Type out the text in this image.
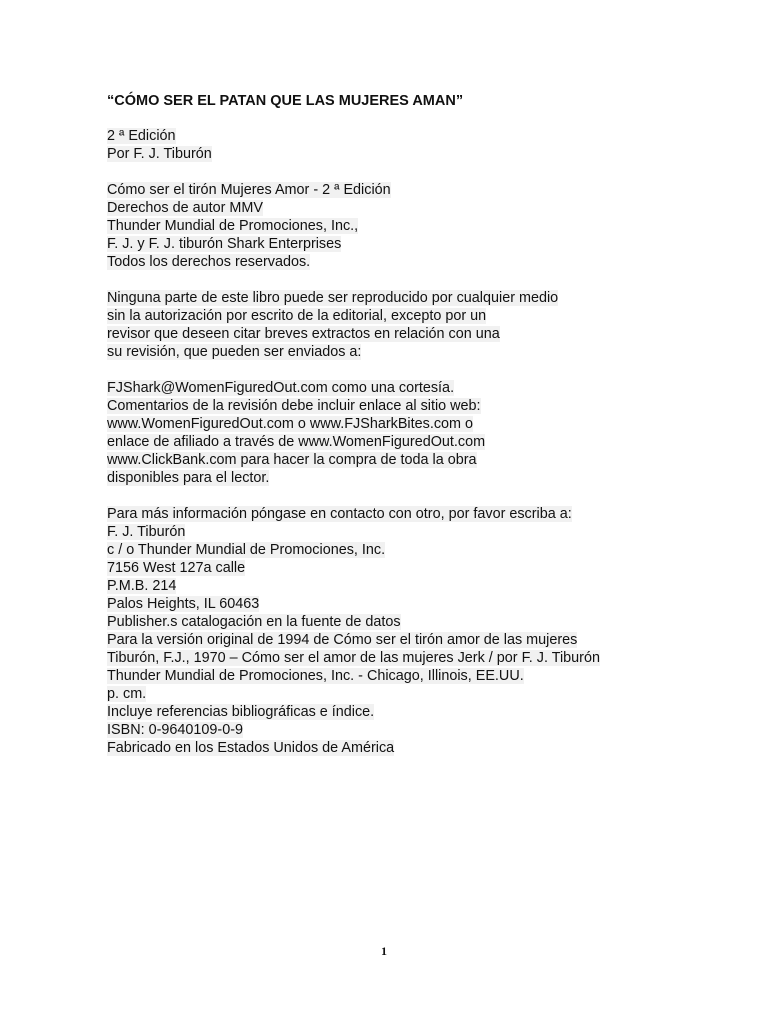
“CÓMO SER EL PATAN QUE LAS MUJERES AMAN”
2 ª Edición
Por F. J. Tiburón
Cómo ser el tirón Mujeres Amor - 2 ª Edición
Derechos de autor MMV
Thunder Mundial de Promociones, Inc.,
F. J. y F. J. tiburón Shark Enterprises
Todos los derechos reservados.
Ninguna parte de este libro puede ser reproducido por cualquier medio
sin la autorización por escrito de la editorial, excepto por un
revisor que deseen citar breves extractos en relación con una
su revisión, que pueden ser enviados a:
FJShark@WomenFiguredOut.com como una cortesía.
Comentarios de la revisión debe incluir enlace al sitio web:
www.WomenFiguredOut.com o www.FJSharkBites.com o
enlace de afiliado a través de www.WomenFiguredOut.com
www.ClickBank.com para hacer la compra de toda la obra
disponibles para el lector.
Para más información póngase en contacto con otro, por favor escriba a:
F. J. Tiburón
c / o Thunder Mundial de Promociones, Inc.
7156 West 127a calle
P.M.B. 214
Palos Heights, IL 60463
Publisher.s catalogación en la fuente de datos
Para la versión original de 1994 de Cómo ser el tirón amor de las mujeres
Tiburón, F.J., 1970 – Cómo ser el amor de las mujeres Jerk / por F. J. Tiburón
Thunder Mundial de Promociones, Inc. - Chicago, Illinois, EE.UU.
p. cm.
Incluye referencias bibliográficas e índice.
ISBN: 0-9640109-0-9
Fabricado en los Estados Unidos de América
1
